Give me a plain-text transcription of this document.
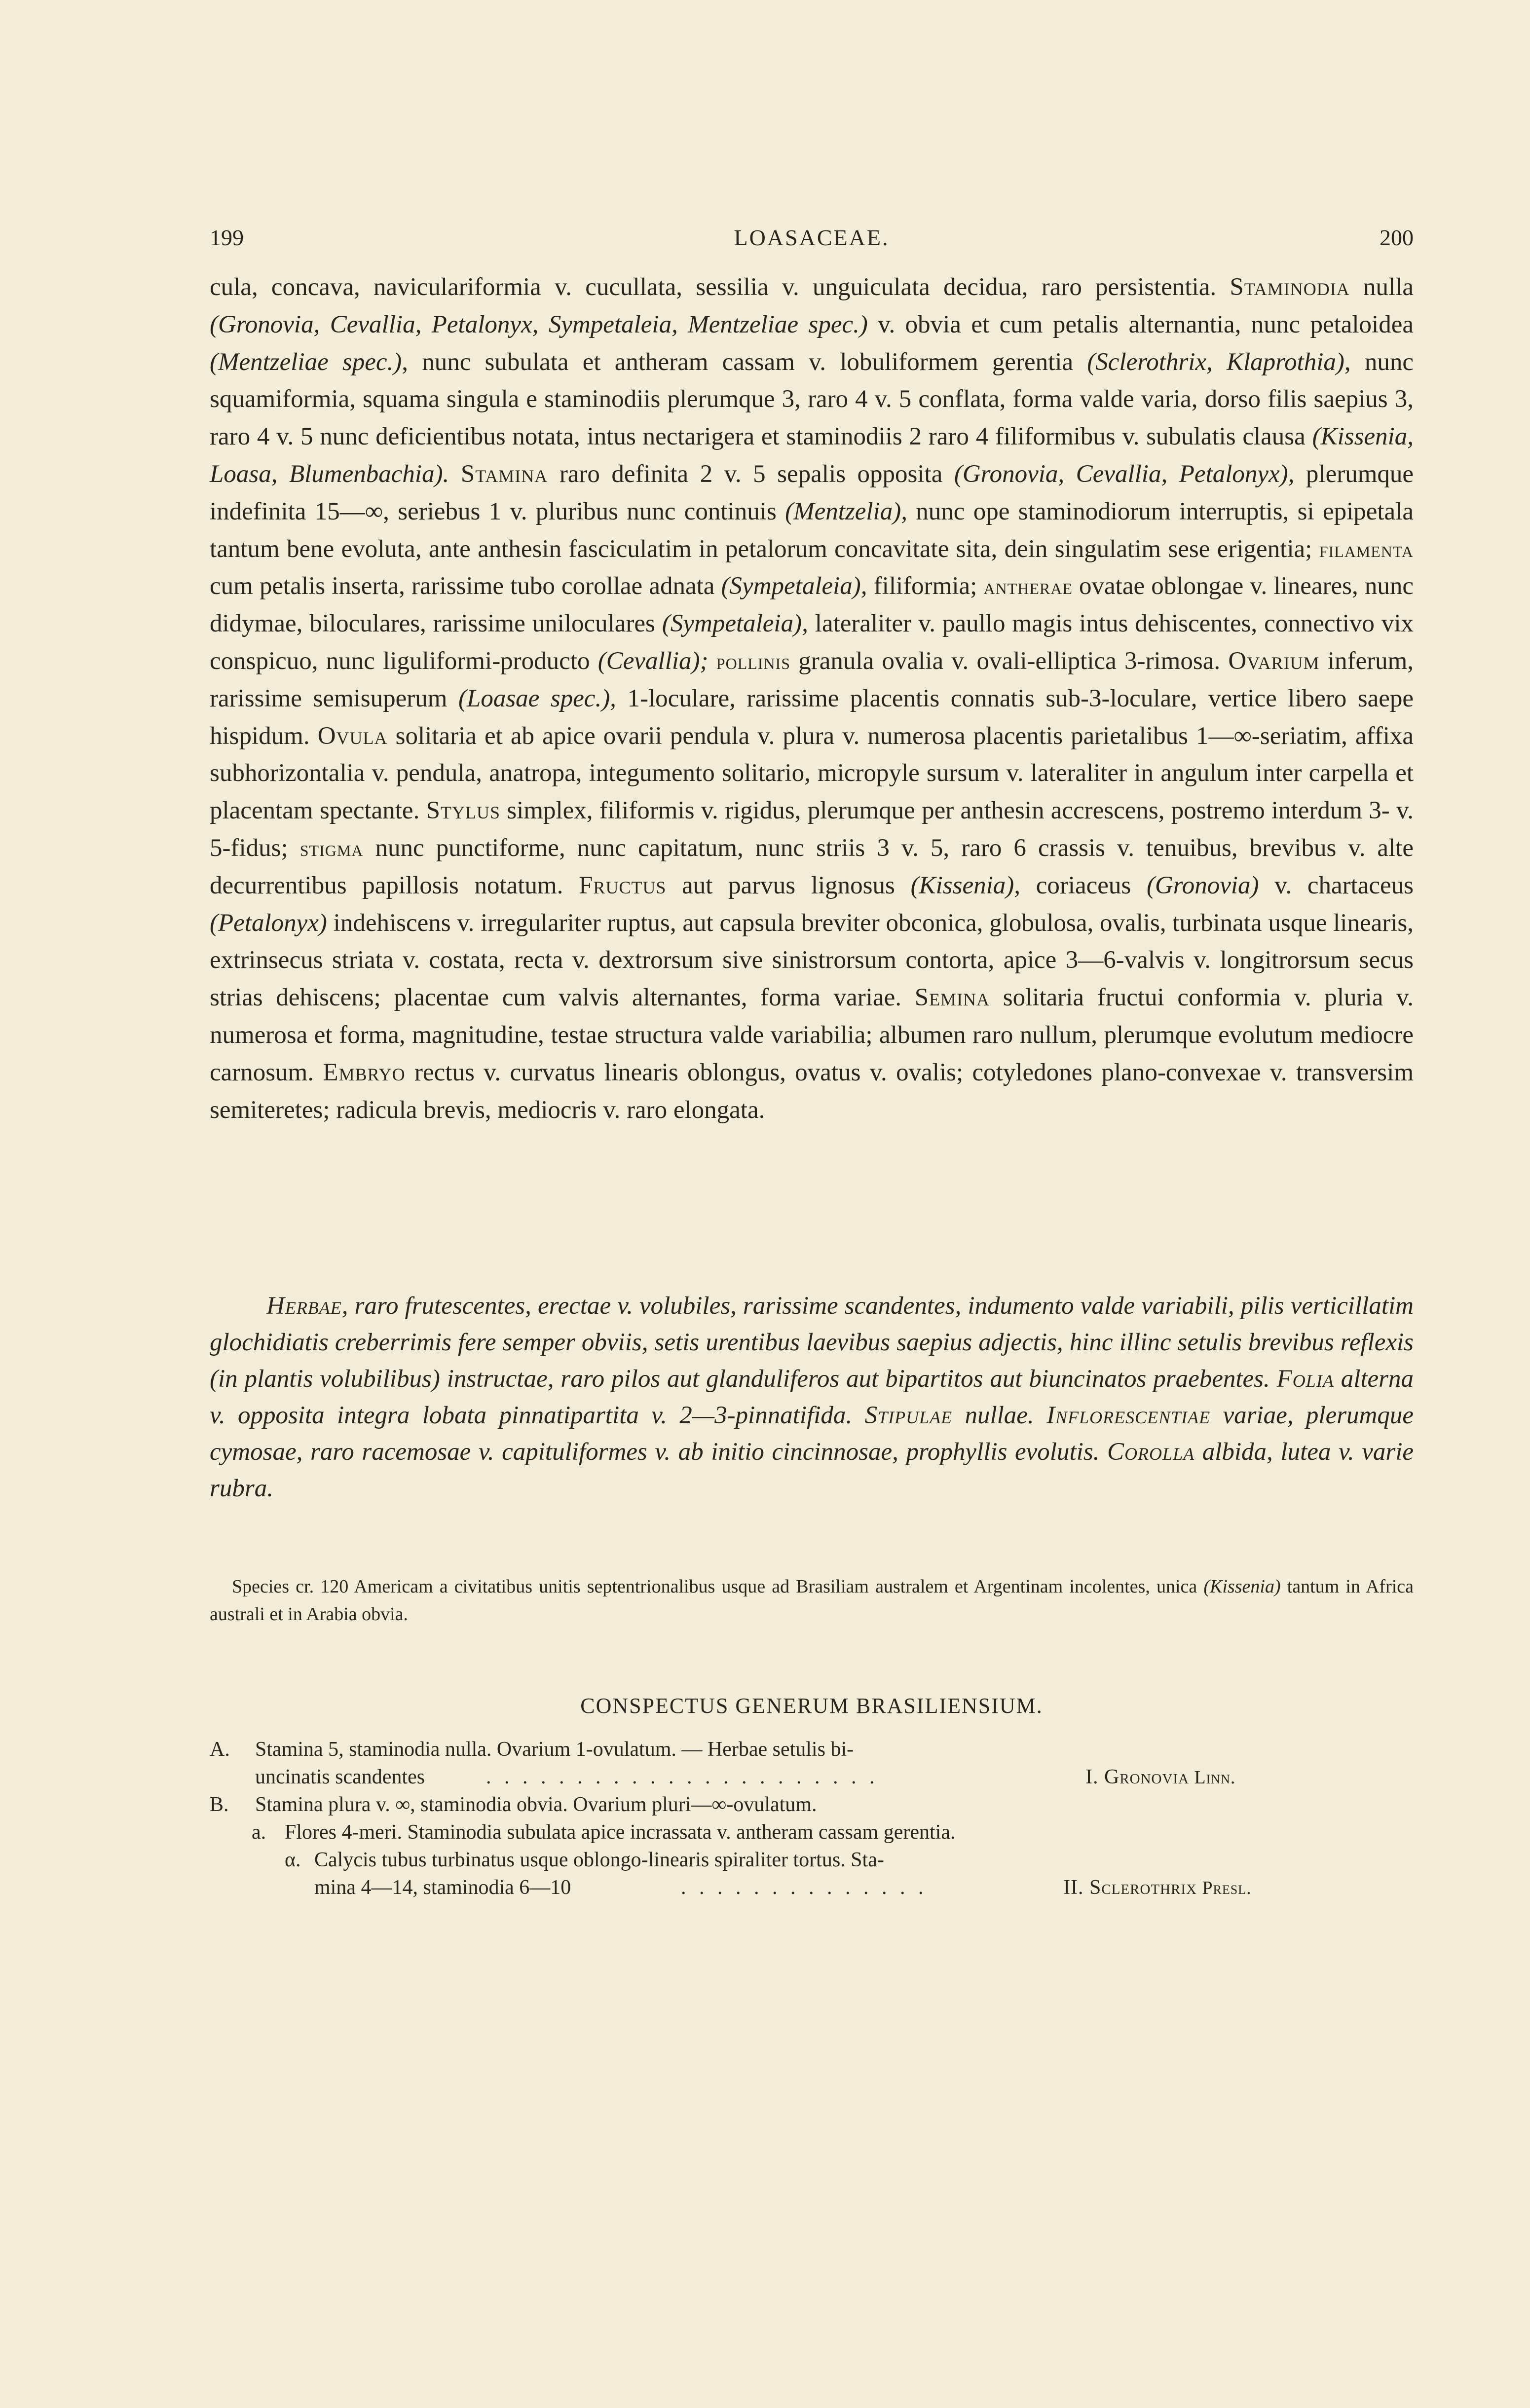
199	LOASACEAE.	200

cula, concava, naviculariformia v. cucullata, sessilia v. unguiculata decidua, raro persistentia. Staminodia nulla (Gronovia, Cevallia, Petalonyx, Sympetaleia, Mentzeliae spec.) v. obvia et cum petalis alternantia, nunc petaloidea (Mentzeliae spec.), nunc subulata et antheram cassam v. lobuliformem gerentia (Sclerothrix, Klaprothia), nunc squamiformia, squama singula e staminodiis plerumque 3, raro 4 v. 5 conflata, forma valde varia, dorso filis saepius 3, raro 4 v. 5 nunc deficientibus notata, intus nectarigera et staminodiis 2 raro 4 filiformibus v. subulatis clausa (Kissenia, Loasa, Blumenbachia). Stamina raro definita 2 v. 5 sepalis opposita (Gronovia, Cevallia, Petalonyx), plerumque indefinita 15—∞, seriebus 1 v. pluribus nunc continuis (Mentzelia), nunc ope staminodiorum interruptis, si epipetala tantum bene evoluta, ante anthesin fasciculatim in petalorum concavitate sita, dein singulatim sese erigentia; filamenta cum petalis inserta, rarissime tubo corollae adnata (Sympetaleia), filiformia; antherae ovatae oblongae v. lineares, nunc didymae, biloculares, rarissime uniloculares (Sympetaleia), lateraliter v. paullo magis intus dehiscentes, connectivo vix conspicuo, nunc liguliformi-producto (Cevallia); pollinis granula ovalia v. ovali-elliptica 3-rimosa. Ovarium inferum, rarissime semisuperum (Loasae spec.), 1-loculare, rarissime placentis connatis sub-3-loculare, vertice libero saepe hispidum. Ovula solitaria et ab apice ovarii pendula v. plura v. numerosa placentis parietalibus 1—∞-seriatim, affixa subhorizontalia v. pendula, anatropa, integumento solitario, micropyle sursum v. lateraliter in angulum inter carpella et placentam spectante. Stylus simplex, filiformis v. rigidus, plerumque per anthesin accrescens, postremo interdum 3- v. 5-fidus; stigma nunc punctiforme, nunc capitatum, nunc striis 3 v. 5, raro 6 crassis v. tenuibus, brevibus v. alte decurrentibus papillosis notatum. Fructus aut parvus lignosus (Kissenia), coriaceus (Gronovia) v. chartaceus (Petalonyx) indehiscens v. irregulariter ruptus, aut capsula breviter obconica, globulosa, ovalis, turbinata usque linearis, extrinsecus striata v. costata, recta v. dextrorsum sive sinistrorsum contorta, apice 3—6-valvis v. longitrorsum secus strias dehiscens; placentae cum valvis alternantes, forma variae. Semina solitaria fructui conformia v. pluria v. numerosa et forma, magnitudine, testae structura valde variabilia; albumen raro nullum, plerumque evolutum mediocre carnosum. Embryo rectus v. curvatus linearis oblongus, ovatus v. ovalis; cotyledones plano-convexae v. transversim semiteretes; radicula brevis, mediocris v. raro elongata.

Herbae, raro frutescentes, erectae v. volubiles, rarissime scandentes, indumento valde variabili, pilis verticillatim glochidiatis creberrimis fere semper obviis, setis urentibus laevibus saepius adjectis, hinc illinc setulis brevibus reflexis (in plantis volubilibus) instructae, raro pilos aut glanduliferos aut bipartitos aut biuncinatos praebentes. Folia alterna v. opposita integra lobata pinnatipartita v. 2—3-pinnatifida. Stipulae nullae. Inflorescentiae variae, plerumque cymosae, raro racemosae v. capituliformes v. ab initio cincinnosae, prophyllis evolutis. Corolla albida, lutea v. varie rubra.

Species cr. 120 Americam a civitatibus unitis septentrionalibus usque ad Brasiliam australem et Argentinam incolentes, unica (Kissenia) tantum in Africa australi et in Arabia obvia.

CONSPECTUS GENERUM BRASILIENSIUM.
A. Stamina 5, staminodia nulla. Ovarium 1-ovulatum. — Herbae setulis bi-
uncinatis scandentes	. . . . . . . . . . . . . . . . . . . . . .	I. Gronovia Linn.
B. Stamina plura v. ∞, staminodia obvia. Ovarium pluri—∞-ovulatum.
a. Flores 4-meri. Staminodia subulata apice incrassata v. antheram cassam gerentia.
α. Calycis tubus turbinatus usque oblongo-linearis spiraliter tortus. Sta-
mina 4—14, staminodia 6—10	. . . . . . . . . . . . . .	II. Sclerothrix Presl.
